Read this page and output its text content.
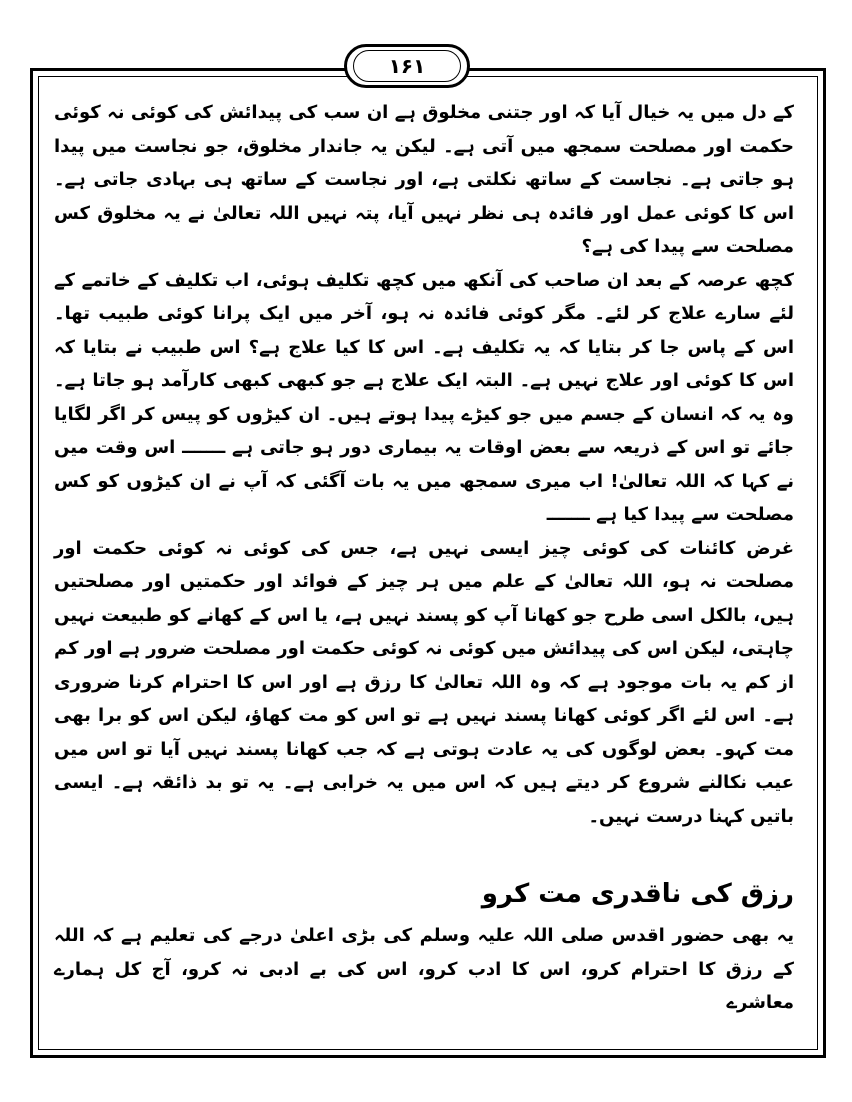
۱۶۱

کے دل میں یہ خیال آیا کہ اور جتنی مخلوق ہے ان سب کی پیدائش کی کوئی نہ کوئی حکمت اور مصلحت سمجھ میں آتی ہے۔ لیکن یہ جاندار مخلوق، جو نجاست میں پیدا ہو جاتی ہے۔ نجاست کے ساتھ نکلتی ہے، اور نجاست کے ساتھ ہی بہادی جاتی ہے۔ اس کا کوئی عمل اور فائدہ ہی نظر نہیں آیا، پتہ نہیں اللہ تعالیٰ نے یہ مخلوق کس مصلحت سے پیدا کی ہے؟

کچھ عرصہ کے بعد ان صاحب کی آنکھ میں کچھ تکلیف ہوئی، اب تکلیف کے خاتمے کے لئے سارے علاج کر لئے۔ مگر کوئی فائدہ نہ ہو، آخر میں ایک پرانا کوئی طبیب تھا۔ اس کے پاس جا کر بتایا کہ یہ تکلیف ہے۔ اس کا کیا علاج ہے؟ اس طبیب نے بتایا کہ اس کا کوئی اور علاج نہیں ہے۔ البتہ ایک علاج ہے جو کبھی کبھی کارآمد ہو جاتا ہے۔ وہ یہ کہ انسان کے جسم میں جو کیڑے پیدا ہوتے ہیں۔ ان کیڑوں کو پیس کر اگر لگایا جائے تو اس کے ذریعہ سے بعض اوقات یہ بیماری دور ہو جاتی ہے ـــــــ اس وقت میں نے کہا کہ اللہ تعالیٰ! اب میری سمجھ میں یہ بات آگئی کہ آپ نے ان کیڑوں کو کس مصلحت سے پیدا کیا ہے ـــــــ

غرض کائنات کی کوئی چیز ایسی نہیں ہے، جس کی کوئی نہ کوئی حکمت اور مصلحت نہ ہو، اللہ تعالیٰ کے علم میں ہر چیز کے فوائد اور حکمتیں اور مصلحتیں ہیں، بالکل اسی طرح جو کھانا آپ کو پسند نہیں ہے، یا اس کے کھانے کو طبیعت نہیں چاہتی، لیکن اس کی پیدائش میں کوئی نہ کوئی حکمت اور مصلحت ضرور ہے اور کم از کم یہ بات موجود ہے کہ وہ اللہ تعالیٰ کا رزق ہے اور اس کا احترام کرنا ضروری ہے۔ اس لئے اگر کوئی کھانا پسند نہیں ہے تو اس کو مت کھاؤ، لیکن اس کو برا بھی مت کہو۔ بعض لوگوں کی یہ عادت ہوتی ہے کہ جب کھانا پسند نہیں آیا تو اس میں عیب نکالنے شروع کر دیتے ہیں کہ اس میں یہ خرابی ہے۔ یہ تو بد ذائقہ ہے۔ ایسی باتیں کہنا درست نہیں۔

رزق کی ناقدری مت کرو

یہ بھی حضور اقدس صلی اللہ علیہ وسلم کی بڑی اعلیٰ درجے کی تعلیم ہے کہ اللہ کے رزق کا احترام کرو، اس کا ادب کرو، اس کی بے ادبی نہ کرو، آج کل ہمارے معاشرے
